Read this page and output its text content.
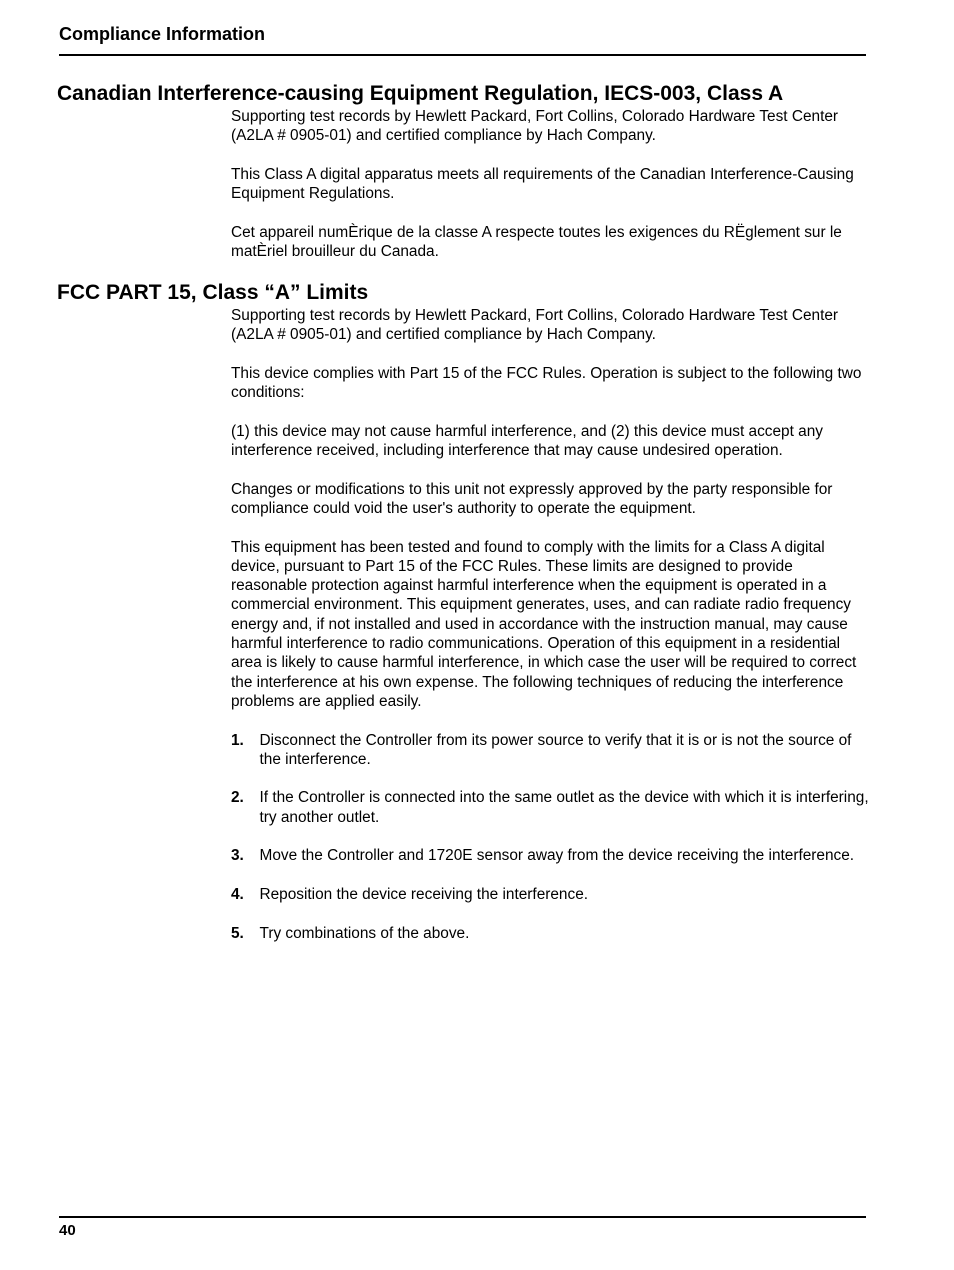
Compliance Information
Canadian Interference-causing Equipment Regulation, IECS-003, Class A

Supporting test records by Hewlett Packard, Fort Collins, Colorado Hardware Test Center (A2LA # 0905-01) and certified compliance by Hach Company.

This Class A digital apparatus meets all requirements of the Canadian Interference-Causing Equipment Regulations.

Cet appareil numÈrique de la classe A respecte toutes les exigences du RËglement sur le matÈriel brouilleur du Canada.

FCC PART 15, Class “A” Limits

Supporting test records by Hewlett Packard, Fort Collins, Colorado Hardware Test Center (A2LA # 0905-01) and certified compliance by Hach Company.

This device complies with Part 15 of the FCC Rules. Operation is subject to the following two conditions:

(1) this device may not cause harmful interference, and (2) this device must accept any interference received, including interference that may cause undesired operation.

Changes or modifications to this unit not expressly approved by the party responsible for compliance could void the user's authority to operate the equipment.

This equipment has been tested and found to comply with the limits for a Class A digital device, pursuant to Part 15 of the FCC Rules. These limits are designed to provide reasonable protection against harmful interference when the equipment is operated in a commercial environment. This equipment generates, uses, and can radiate radio frequency energy and, if not installed and used in accordance with the instruction manual, may cause harmful interference to radio communications. Operation of this equipment in a residential area is likely to cause harmful interference, in which case the user will be required to correct the interference at his own expense. The following techniques of reducing the interference problems are applied easily.

1. Disconnect the Controller from its power source to verify that it is or is not the source of the interference.
2. If the Controller is connected into the same outlet as the device with which it is interfering, try another outlet.
3. Move the Controller and 1720E sensor away from the device receiving the interference.
4. Reposition the device receiving the interference.
5. Try combinations of the above.
40
